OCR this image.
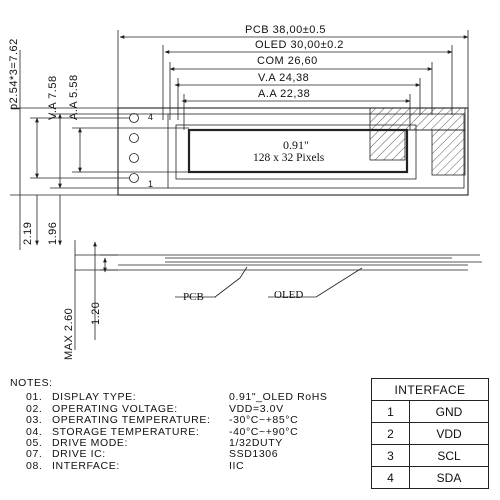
PCB 38,00±0.5
OLED 30,00±0.2
COM 26,60
V.A 24,38
A.A 22,38
p2.54*3=7.62 V.A 7.58 A.A 5.58
2.19 1.96
MAX 2.60 1.20
0.91"
128 x 32 Pixels
4
1
PCB	OLED
NOTES:
01. DISPLAY TYPE:	0.91"_OLED RoHS
02. OPERATING VOLTAGE:	VDD=3.0V
03. OPERATING TEMPERATURE:	-30°C~+85°C
04. STORAGE TEMPERATURE:	-40°C~+90°C
05. DRIVE MODE:	1/32DUTY
07. DRIVE IC:	SSD1306
08. INTERFACE:	IIC
INTERFACE	
1	GND
2	VDD
3	SCL
4	SDA
